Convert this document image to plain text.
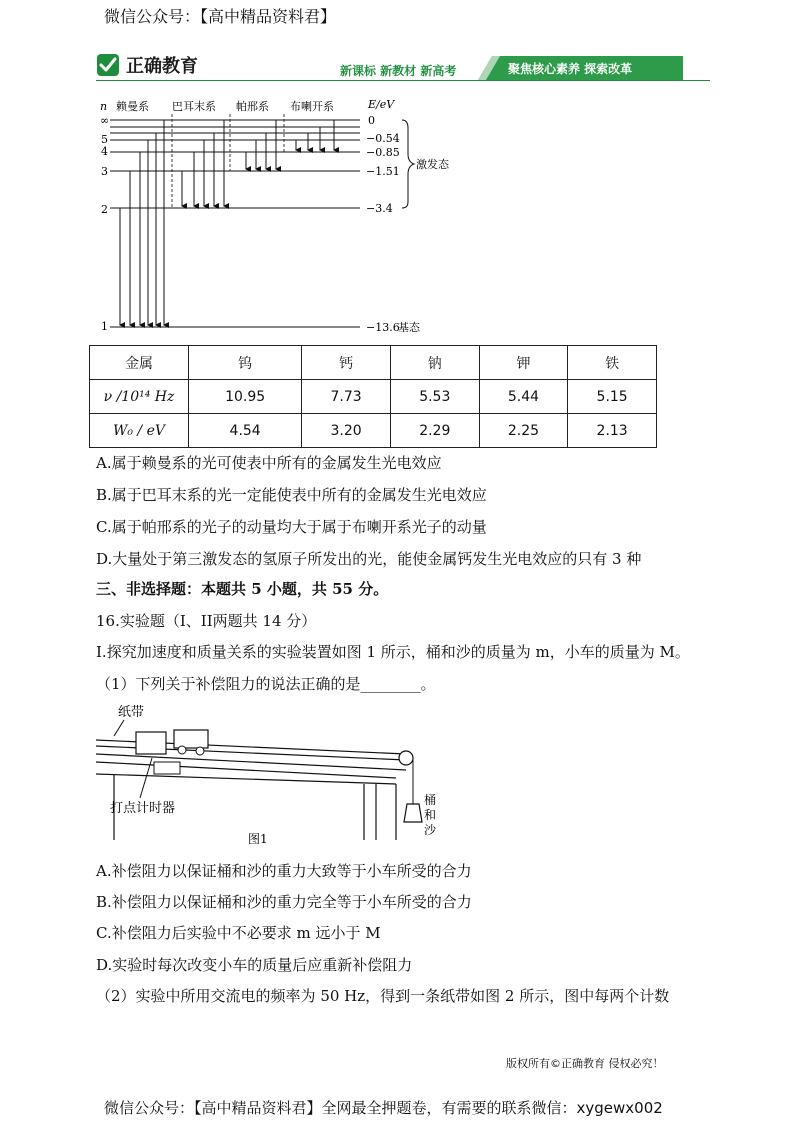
微信公众号：【高中精品资料君】
正确教育	新课标 新教材 新高考	聚焦核心素养 探索改革
n 赖曼系 巴耳末系 帕邢系 布喇开系	E/eV
∞
5
4
3
2
1
0
−0.54
−0.85
−1.51
−3.4
−13.6
基态
激发态
金属	钨	钙	钠	钾	铁
ν /10¹⁴ Hz	10.95	7.73	5.53	5.44	5.15
W₀ / eV	4.54	3.20	2.29	2.25	2.13
A.属于赖曼系的光可使表中所有的金属发生光电效应
B.属于巴耳末系的光一定能使表中所有的金属发生光电效应
C.属于帕邢系的光子的动量均大于属于布喇开系光子的动量
D.大量处于第三激发态的氢原子所发出的光，能使金属钙发生光电效应的只有 3 种
三、非选择题：本题共 5 小题，共 55 分。
16.实验题（I、II两题共 14 分）
I.探究加速度和质量关系的实验装置如图 1 所示，桶和沙的质量为 m，小车的质量为 M。
（1）下列关于补偿阻力的说法正确的是________。
纸带
桶
和
沙
打点计时器
图1
A.补偿阻力以保证桶和沙的重力大致等于小车所受的合力
B.补偿阻力以保证桶和沙的重力完全等于小车所受的合力
C.补偿阻力后实验中不必要求 m 远小于 M
D.实验时每次改变小车的质量后应重新补偿阻力
（2）实验中所用交流电的频率为 50 Hz，得到一条纸带如图 2 所示，图中每两个计数
版权所有©正确教育 侵权必究！
微信公众号：【高中精品资料君】全网最全押题卷，有需要的联系微信：xygewx002
